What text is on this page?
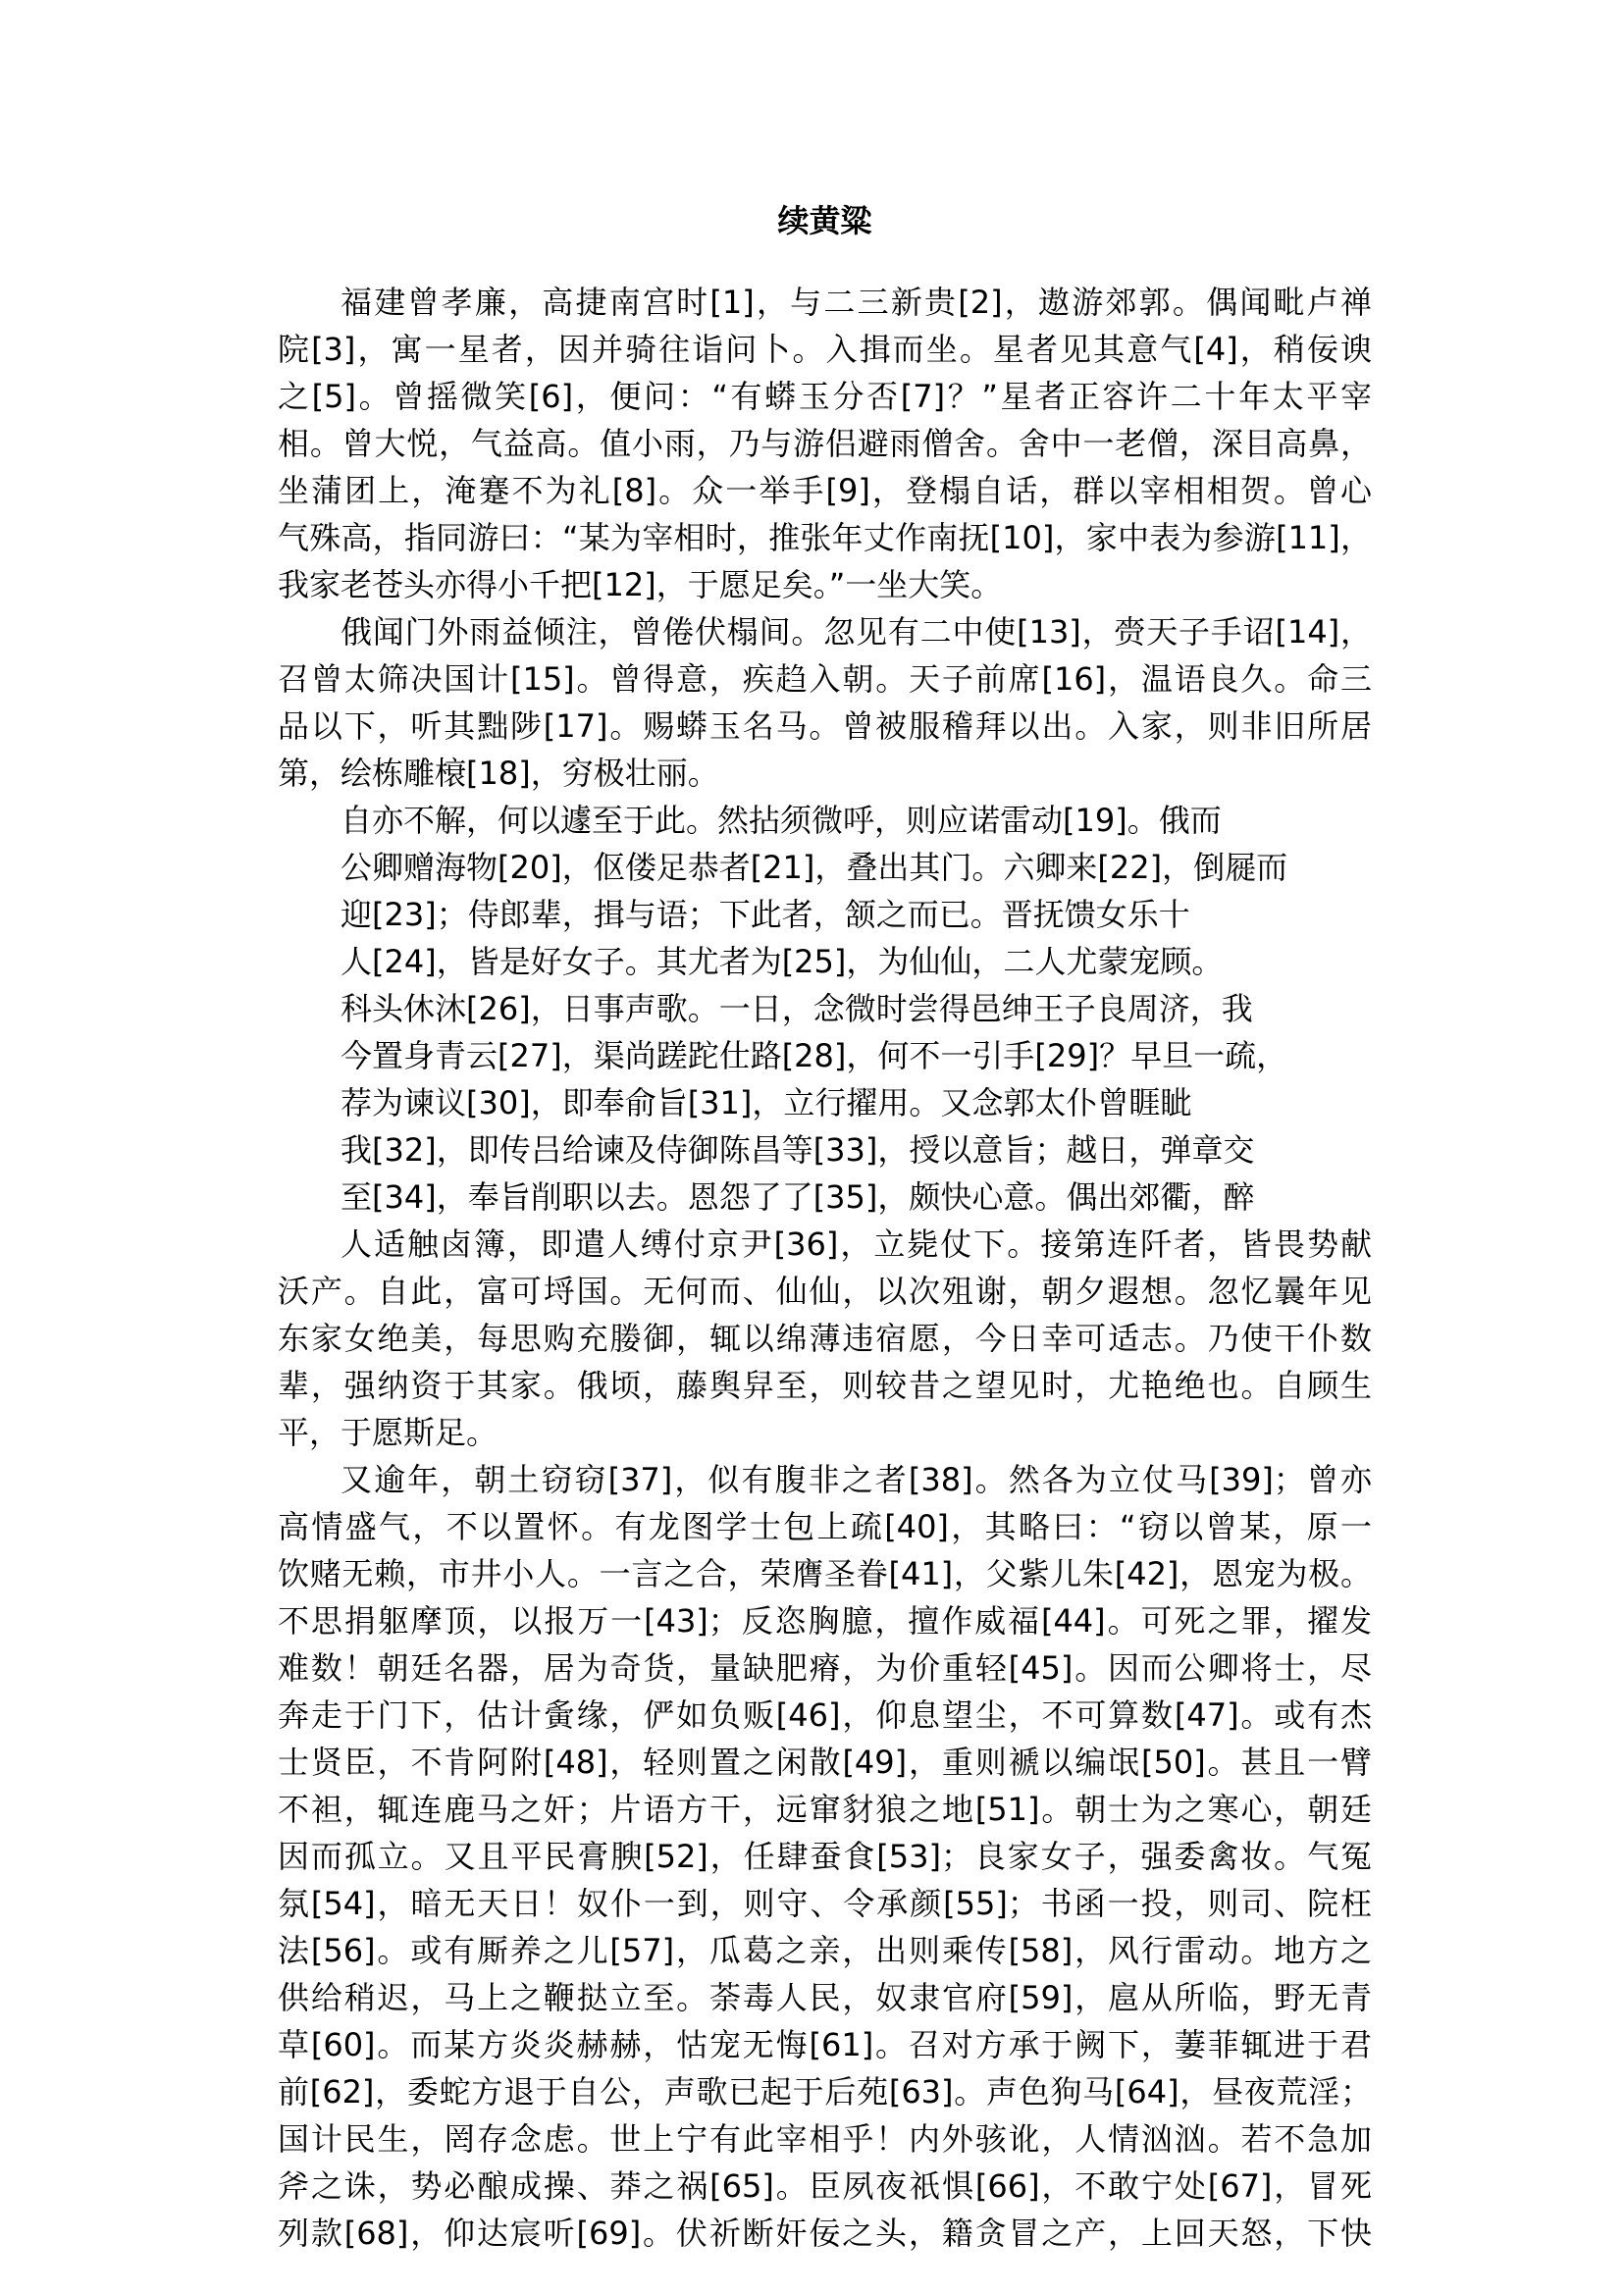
续黄粱
福建曾孝廉，高捷南宫时[1]，与二三新贵[2]，遨游郊郭。偶闻毗卢禅
院[3]，寓一星者，因并骑往诣问卜。入揖而坐。星者见其意气[4]，稍佞谀
之[5]。曾摇微笑[6]，便问：“有蟒玉分否[7]？”星者正容许二十年太平宰
相。曾大悦，气益高。值小雨，乃与游侣避雨僧舍。舍中一老僧，深目高鼻，
坐蒲团上，淹蹇不为礼[8]。众一举手[9]，登榻自话，群以宰相相贺。曾心
气殊高，指同游曰：“某为宰相时，推张年丈作南抚[10]，家中表为参游[11]，
我家老苍头亦得小千把[12]，于愿足矣。”一坐大笑。
俄闻门外雨益倾注，曾倦伏榻间。忽见有二中使[13]，赍天子手诏[14]，
召曾太筛决国计[15]。曾得意，疾趋入朝。天子前席[16]，温语良久。命三
品以下，听其黜陟[17]。赐蟒玉名马。曾被服稽拜以出。入家，则非旧所居
第，绘栋雕榱[18]，穷极壮丽。
自亦不解，何以遽至于此。然拈须微呼，则应诺雷动[19]。俄而
公卿赠海物[20]，伛偻足恭者[21]，叠出其门。六卿来[22]，倒屣而
迎[23]；侍郎辈，揖与语；下此者，颔之而已。晋抚馈女乐十
人[24]，皆是好女子。其尤者为[25]，为仙仙，二人尤蒙宠顾。
科头休沐[26]，日事声歌。一日，念微时尝得邑绅王子良周济，我
今置身青云[27]，渠尚蹉跎仕路[28]，何不一引手[29]？早旦一疏，
荐为谏议[30]，即奉俞旨[31]，立行擢用。又念郭太仆曾睚眦
我[32]，即传吕给谏及侍御陈昌等[33]，授以意旨；越日，弹章交
至[34]，奉旨削职以去。恩怨了了[35]，颇快心意。偶出郊衢，醉
人适触卤簿，即遣人缚付京尹[36]，立毙仗下。接第连阡者，皆畏势献
沃产。自此，富可埒国。无何而、仙仙，以次殂谢，朝夕遐想。忽忆曩年见
东家女绝美，每思购充媵御，辄以绵薄违宿愿，今日幸可适志。乃使干仆数
辈，强纳资于其家。俄顷，藤舆舁至，则较昔之望见时，尤艳绝也。自顾生
平，于愿斯足。
又逾年，朝土窃窃[37]，似有腹非之者[38]。然各为立仗马[39]；曾亦
高情盛气，不以置怀。有龙图学士包上疏[40]，其略曰：“窃以曾某，原一
饮赌无赖，市井小人。一言之合，荣膺圣眷[41]，父紫儿朱[42]，恩宠为极。
不思捐躯摩顶，以报万一[43]；反恣胸臆，擅作威福[44]。可死之罪，擢发
难数！朝廷名器，居为奇货，量缺肥瘠，为价重轻[45]。因而公卿将士，尽
奔走于门下，估计夤缘，俨如负贩[46]，仰息望尘，不可算数[47]。或有杰
士贤臣，不肯阿附[48]，轻则置之闲散[49]，重则褫以编氓[50]。甚且一臂
不袒，辄连鹿马之奸；片语方干，远窜豺狼之地[51]。朝士为之寒心，朝廷
因而孤立。又且平民膏腴[52]，任肆蚕食[53]；良家女子，强委禽妆。气冤
氛[54]，暗无天日！奴仆一到，则守、令承颜[55]；书函一投，则司、院枉
法[56]。或有厮养之儿[57]，瓜葛之亲，出则乘传[58]，风行雷动。地方之
供给稍迟，马上之鞭挞立至。荼毒人民，奴隶官府[59]，扈从所临，野无青
草[60]。而某方炎炎赫赫，怙宠无悔[61]。召对方承于阙下，萋菲辄进于君
前[62]，委蛇方退于自公，声歌已起于后苑[63]。声色狗马[64]，昼夜荒淫；
国计民生，罔存念虑。世上宁有此宰相乎！内外骇讹，人情汹汹。若不急加
斧之诛，势必酿成操、莽之祸[65]。臣夙夜祇惧[66]，不敢宁处[67]，冒死
列款[68]，仰达宸听[69]。伏祈断奸佞之头，籍贪冒之产，上回天怒，下快
